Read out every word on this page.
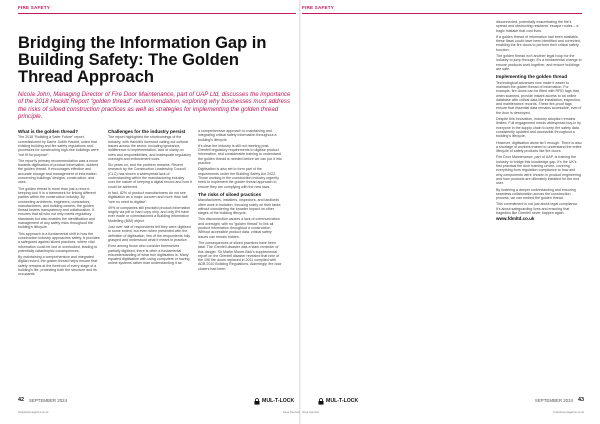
FIRE SAFETY
Bridging the Information Gap in Building Safety: The Golden Thread Approach
Nicola John, Managing Director of Fire Door Maintenance, part of UAP Ltd, discusses the importance of the 2018 Hackitt Report “golden thread” recommendation, exploring why businesses must address the risks of siloed construction practices as well as strategies for implementing the golden thread principle.
What is the golden thread?

The 2018 “Building a Safer Future” report, commissioned by Dame Judith Hackitt, noted that existing building and fire safety regulations and processes for constructing high-rise buildings were “not fit for purpose”.

The report’s primary recommendation was a move towards digitisation of product information, dubbed the golden thread. It encourages effective and accurate storage and management of information concerning buildings’ designs, construction, and uses.

The golden thread is more than just a record-keeping tool; it is a framework for linking different parties within the construction industry. By connecting architects, engineers, contractors, manufacturers, and building owners, the golden thread fosters transparency and collaboration. It ensures that all who not only meets regulatory standards but also enables the identification and management of any safety risks throughout the building’s lifecycle.

This approach is a fundamental shift in how the construction industry approaches safety. It provides a safeguard against siloed practices, where vital information could be lost or overlooked, leading to potentially catastrophic consequences.

By maintaining a comprehensive and integrated digital record, the golden thread helps ensure that safety remains at the forefront of every stage of a building’s life, protecting both the structure and its occupants.

Challenges for the industry persist

The report highlighted the shortcomings of the industry, with Hackitt’s foreword calling out cultural issues across the sector, including ignorance, indifference to implementation, lack of clarity on roles and responsibilities, and inadequate regulatory oversight and enforcement tools.

Six years on, and the problem remains. Recent research by the Construction Leadership Council (CLC) has shown a widespread lack of understanding within the manufacturing industry over the nature of keeping a digital record and how it could be achieved.

In fact, 82% of product manufacturers do not see digitisation as a major concern and more than half “see no need to digitise”.

49% of companies still provided product information largely via pdf or hard copy only, and only 8% have ever made or commissioned a Building Information Modelling (BIM) object.

Just over half of respondents felt they were digitised to some extent, but even when presented with the definition of digitisation, few of the respondents fully grasped and understood what it meant in practice.

Even among those who consider themselves partially digitised, there is often a fundamental misunderstanding of what true digitisation is. Many equated digitisation with using computers or having online systems rather than understanding it as

a comprehensive approach to maintaining and integrating critical safety information throughout a building’s lifecycle.

It’s clear the industry is still not meeting post-Grenfell regulatory requirements to digitise product information, and considerable training to understand the golden thread is needed before we can put it into practice.

Digitisation is also set to form part of the requirements under the Building Safety Act 2022. Those working in the construction industry urgently need to implement the golden thread approach to ensure they are complying with the new laws.

The risks of siloed practices

Manufacturers, installers, inspectors, and landlords often work in isolation, focusing solely on their tasks without considering the broader impact on other stages of the building lifecycle.

This disconnection causes a lack of communication and oversight, with no “golden thread” to link all product information throughout a construction. Without accessible product data, critical safety issues can remain hidden.

The consequences of siloed practices have been fatal. The Grenfell disaster was a stark reminder of this danger. Sir Martin Moore-Bick’s supplemental report on the Grenfell disaster revealed that nine of the 196 fire doors replaced in 2011 complied with ADB 2010 Building Regulations. Alarmingly, fire door closers had been

42 SEPTEMBER 2024
bodyshopmagazine.co.uk	Issue Sponsor
MUL-T-LOCK
FIRE SAFETY

disconnected, potentially exacerbating the fire’s spread and obstructing residents’ escape routes – a tragic mistake that cost lives.

If a golden thread of information had been available, these flaws could have been identified and corrected, enabling the fire doors to perform their critical safety function.

The golden thread isn’t another legal hoop for the industry to jump through. It’s a fundamental change to ensure products work together, and ensure buildings are safe.

Implementing the golden thread

Technological advances now make it easier to maintain the golden thread of information. For example, fire doors can be fitted with RFID tags that, when scanned, provide instant access to an online database with critical data like installation, inspection, and maintenance records. These fire-proof tags ensure that essential data remains accessible, even if the door is destroyed.

Despite this innovation, industry adoption remains limited. Full engagement needs widespread buy-in by everyone in the supply chain to keep fire safety data consistently updated and accessible throughout a building’s lifecycle.

However, digitisation alone isn’t enough. There is also a shortage of workers trained to understand the entire lifecycle of safety products like fire doors.

Fire Door Maintenance, part of UAP, is training the industry to bridge this knowledge gap. It’s the UK’s first practical fire door training centre, covering everything from regulation compliance to how and why components were chosen in product engineering and how products are ultimately installed for the end user.

By fostering a deeper understanding and ensuring seamless collaboration across the construction process, we can embed the golden thread.

This commitment is not just about legal compliance. It’s about safeguarding lives and ensuring that tragedies like Grenfell never happen again.

www.fdmltd.co.uk

MUL-T-LOCK	SEPTEMBER 2024 43
Issue Sponsor	bodyshopmagazine.co.uk
